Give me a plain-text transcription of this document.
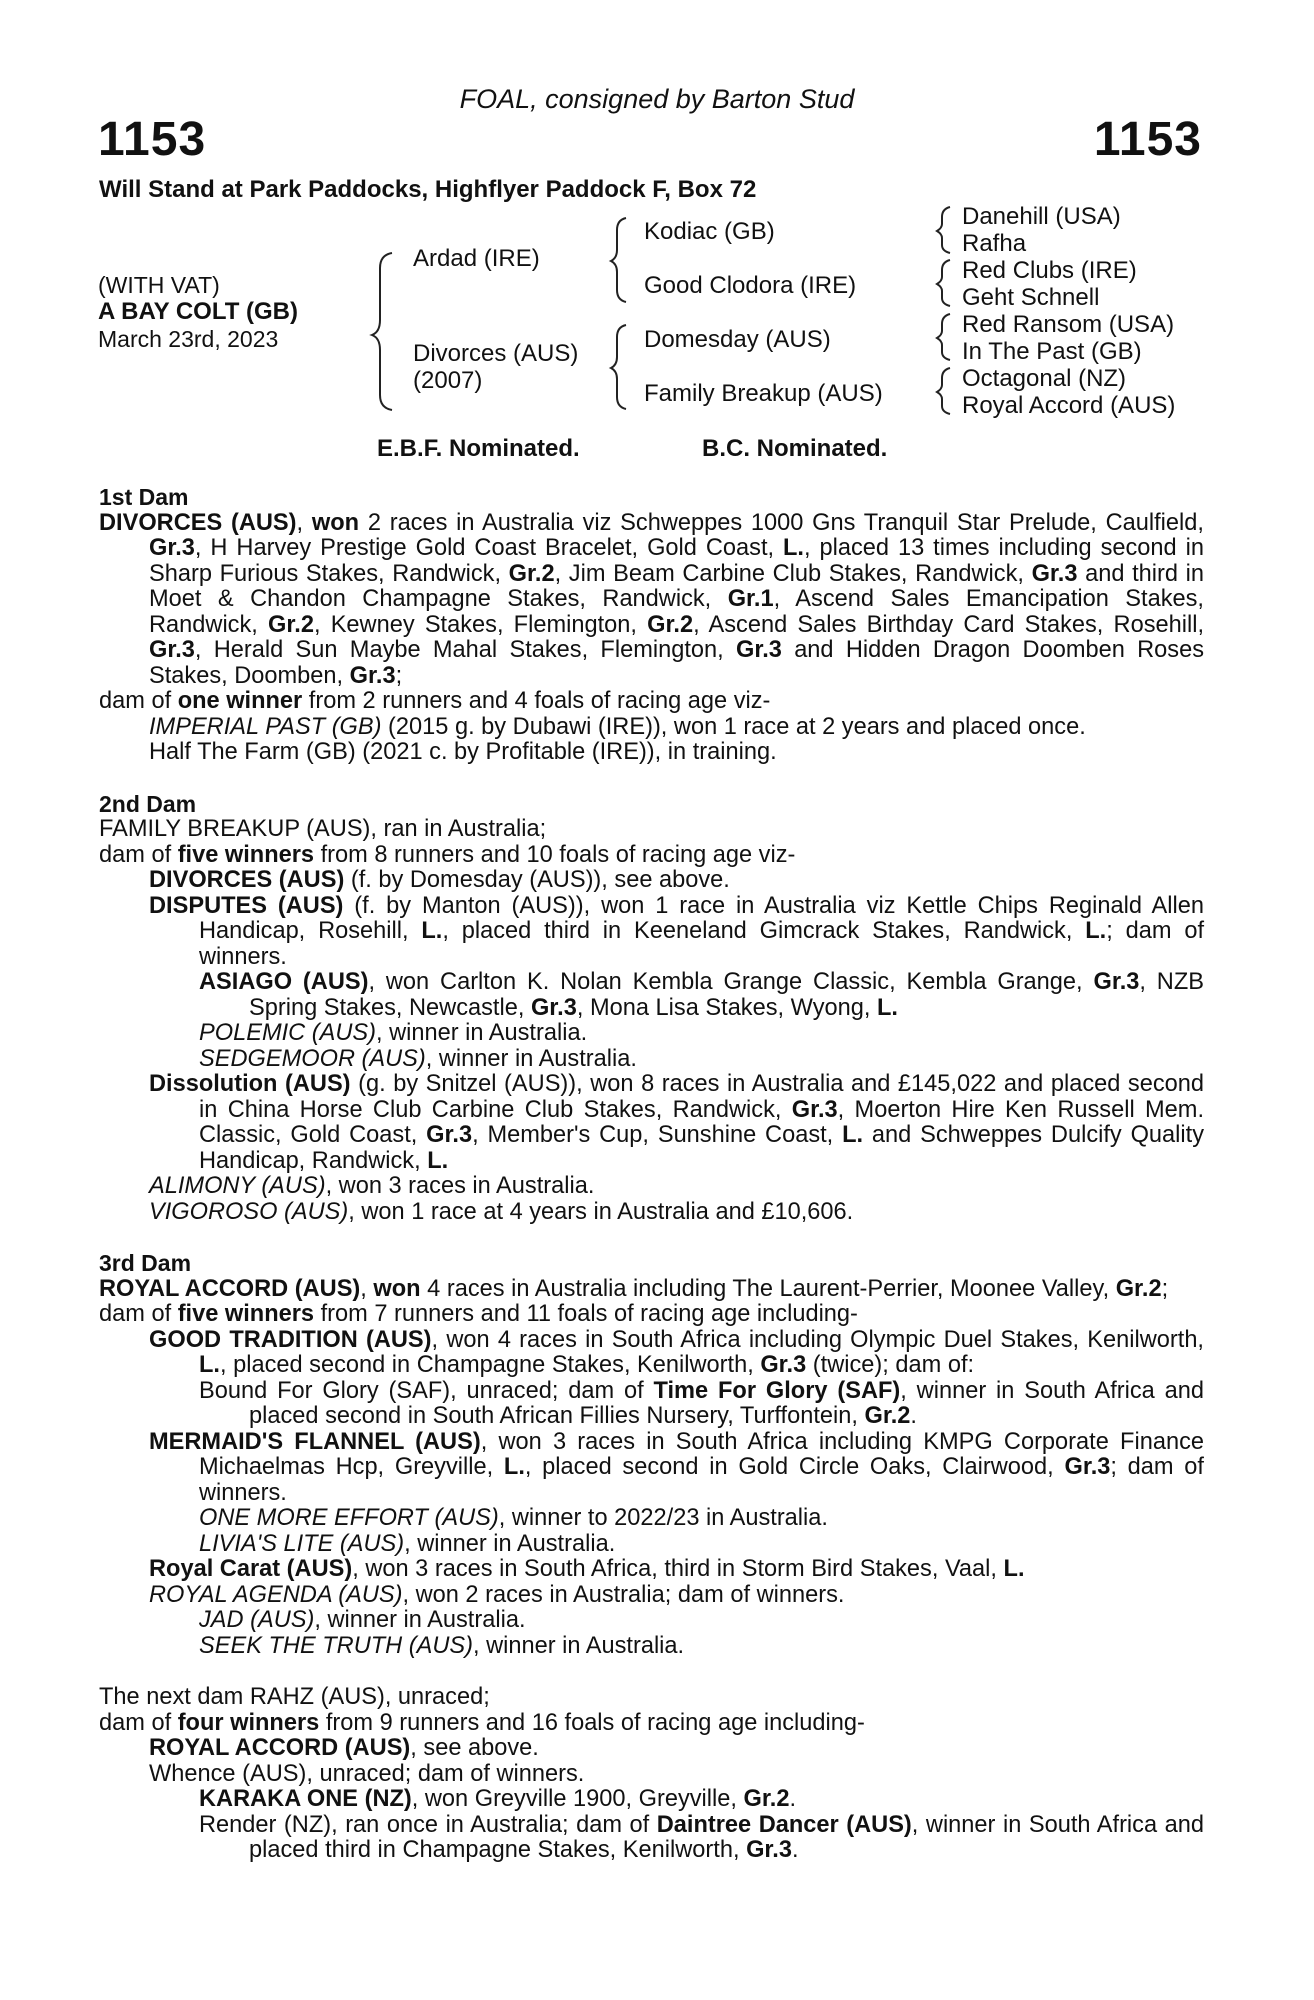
FOAL, consigned by Barton Stud
1153	1153
Will Stand at Park Paddocks, Highflyer Paddock F, Box 72
(WITH VAT)
A BAY COLT (GB)
March 23rd, 2023
Ardad (IRE)
Divorces (AUS)
(2007)
Kodiac (GB)
Good Clodora (IRE)
Domesday (AUS)
Family Breakup (AUS)
Danehill (USA)
Rafha
Red Clubs (IRE)
Geht Schnell
Red Ransom (USA)
In The Past (GB)
Octagonal (NZ)
Royal Accord (AUS)
E.B.F. Nominated.	B.C. Nominated.
1st Dam

DIVORCES (AUS), won 2 races in Australia viz Schweppes 1000 Gns Tranquil Star Prelude, Caulfield, Gr.3, H Harvey Prestige Gold Coast Bracelet, Gold Coast, L., placed 13 times including second in Sharp Furious Stakes, Randwick, Gr.2, Jim Beam Carbine Club Stakes, Randwick, Gr.3 and third in Moet & Chandon Champagne Stakes, Randwick, Gr.1, Ascend Sales Emancipation Stakes, Randwick, Gr.2, Kewney Stakes, Flemington, Gr.2, Ascend Sales Birthday Card Stakes, Rosehill, Gr.3, Herald Sun Maybe Mahal Stakes, Flemington, Gr.3 and Hidden Dragon Doomben Roses Stakes, Doomben, Gr.3;

dam of one winner from 2 runners and 4 foals of racing age viz-

IMPERIAL PAST (GB) (2015 g. by Dubawi (IRE)), won 1 race at 2 years and placed once.

Half The Farm (GB) (2021 c. by Profitable (IRE)), in training.

2nd Dam

FAMILY BREAKUP (AUS), ran in Australia;

dam of five winners from 8 runners and 10 foals of racing age viz-

DIVORCES (AUS) (f. by Domesday (AUS)), see above.

DISPUTES (AUS) (f. by Manton (AUS)), won 1 race in Australia viz Kettle Chips Reginald Allen Handicap, Rosehill, L., placed third in Keeneland Gimcrack Stakes, Randwick, L.; dam of winners.

ASIAGO (AUS), won Carlton K. Nolan Kembla Grange Classic, Kembla Grange, Gr.3, NZB Spring Stakes, Newcastle, Gr.3, Mona Lisa Stakes, Wyong, L.

POLEMIC (AUS), winner in Australia.

SEDGEMOOR (AUS), winner in Australia.

Dissolution (AUS) (g. by Snitzel (AUS)), won 8 races in Australia and £145,022 and placed second in China Horse Club Carbine Club Stakes, Randwick, Gr.3, Moerton Hire Ken Russell Mem. Classic, Gold Coast, Gr.3, Member's Cup, Sunshine Coast, L. and Schweppes Dulcify Quality Handicap, Randwick, L.

ALIMONY (AUS), won 3 races in Australia.

VIGOROSO (AUS), won 1 race at 4 years in Australia and £10,606.

3rd Dam

ROYAL ACCORD (AUS), won 4 races in Australia including The Laurent-Perrier, Moonee Valley, Gr.2;

dam of five winners from 7 runners and 11 foals of racing age including-

GOOD TRADITION (AUS), won 4 races in South Africa including Olympic Duel Stakes, Kenilworth, L., placed second in Champagne Stakes, Kenilworth, Gr.3 (twice); dam of:

Bound For Glory (SAF), unraced; dam of Time For Glory (SAF), winner in South Africa and placed second in South African Fillies Nursery, Turffontein, Gr.2.

MERMAID'S FLANNEL (AUS), won 3 races in South Africa including KMPG Corporate Finance Michaelmas Hcp, Greyville, L., placed second in Gold Circle Oaks, Clairwood, Gr.3; dam of winners.

ONE MORE EFFORT (AUS), winner to 2022/23 in Australia.

LIVIA'S LITE (AUS), winner in Australia.

Royal Carat (AUS), won 3 races in South Africa, third in Storm Bird Stakes, Vaal, L.

ROYAL AGENDA (AUS), won 2 races in Australia; dam of winners.

JAD (AUS), winner in Australia.

SEEK THE TRUTH (AUS), winner in Australia.

The next dam RAHZ (AUS), unraced;

dam of four winners from 9 runners and 16 foals of racing age including-

ROYAL ACCORD (AUS), see above.

Whence (AUS), unraced; dam of winners.

KARAKA ONE (NZ), won Greyville 1900, Greyville, Gr.2.

Render (NZ), ran once in Australia; dam of Daintree Dancer (AUS), winner in South Africa and placed third in Champagne Stakes, Kenilworth, Gr.3.
